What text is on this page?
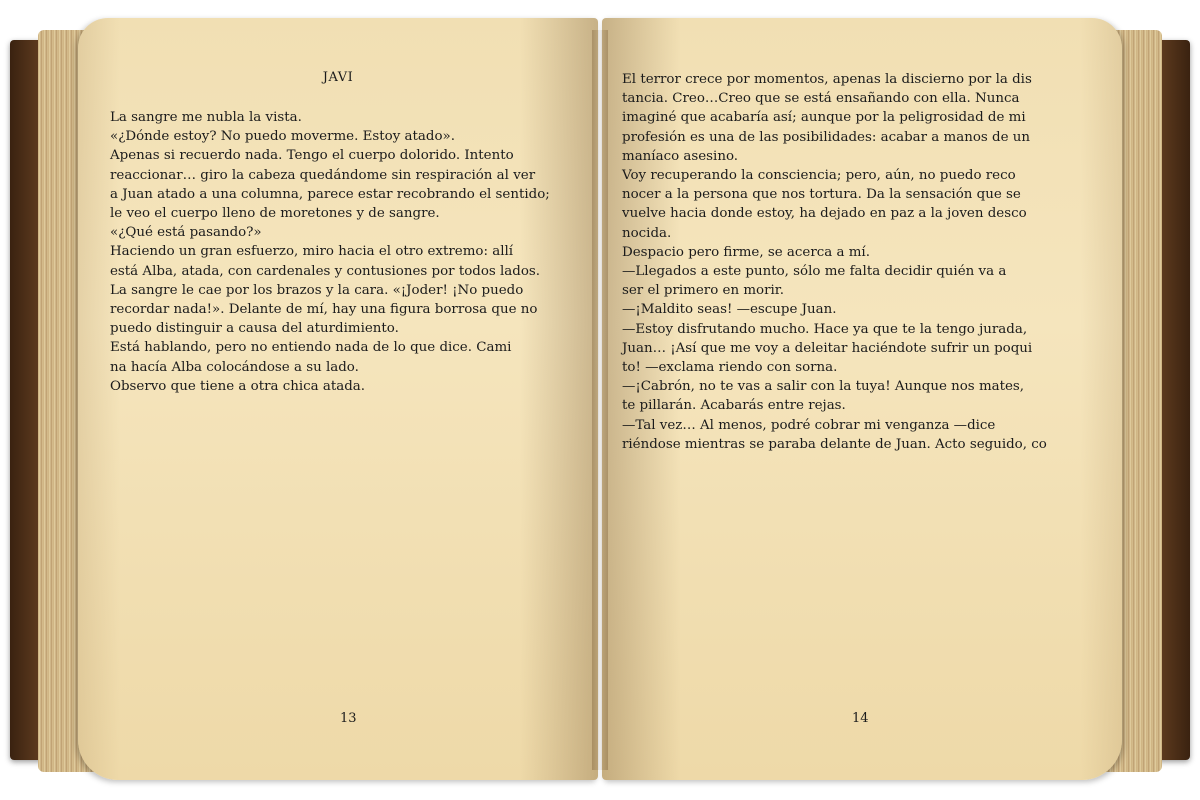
JAVI
La sangre me nubla la vista.
«¿Dónde estoy? No puedo moverme. Estoy atado».
Apenas si recuerdo nada. Tengo el cuerpo dolorido. Intento
reaccionar… giro la cabeza quedándome sin respiración al ver
a Juan atado a una columna, parece estar recobrando el sentido;
le veo el cuerpo lleno de moretones y de sangre.
«¿Qué está pasando?»
Haciendo un gran esfuerzo, miro hacia el otro extremo: allí
está Alba, atada, con cardenales y contusiones por todos lados.
La sangre le cae por los brazos y la cara. «¡Joder! ¡No puedo
recordar nada!». Delante de mí, hay una figura borrosa que no
puedo distinguir a causa del aturdimiento.
Está hablando, pero no entiendo nada de lo que dice. Cami
na hacía Alba colocándose a su lado.
Observo que tiene a otra chica atada.
13
El terror crece por momentos, apenas la discierno por la dis
tancia. Creo…Creo que se está ensañando con ella. Nunca
imaginé que acabaría así; aunque por la peligrosidad de mi
profesión es una de las posibilidades: acabar a manos de un
maníaco asesino.
Voy recuperando la consciencia; pero, aún, no puedo reco
nocer a la persona que nos tortura. Da la sensación que se
vuelve hacia donde estoy, ha dejado en paz a la joven desco
nocida.
Despacio pero firme, se acerca a mí.
—Llegados a este punto, sólo me falta decidir quién va a
ser el primero en morir.
—¡Maldito seas! —escupe Juan.
—Estoy disfrutando mucho. Hace ya que te la tengo jurada,
Juan… ¡Así que me voy a deleitar haciéndote sufrir un poqui
to! —exclama riendo con sorna.
—¡Cabrón, no te vas a salir con la tuya! Aunque nos mates,
te pillarán. Acabarás entre rejas.
—Tal vez… Al menos, podré cobrar mi venganza —dice
riéndose mientras se paraba delante de Juan. Acto seguido, co
14
